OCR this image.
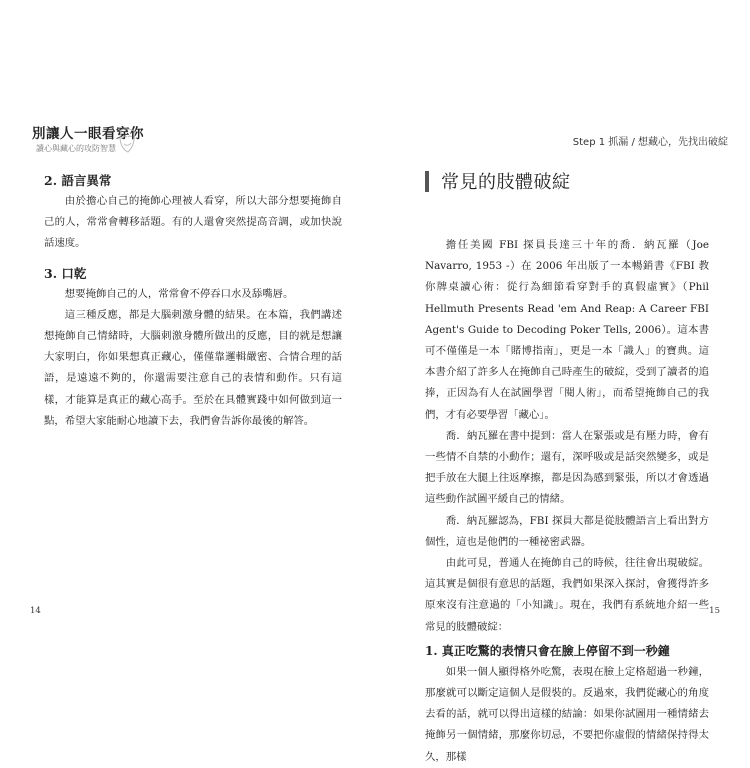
別讓人一眼看穿你
讀心與藏心的攻防智慧

2. 語言異常

由於擔心自己的掩飾心理被人看穿，所以大部分想要掩飾自己的人，常常會轉移話題。有的人還會突然提高音調，或加快說話速度。

3. 口乾

想要掩飾自己的人，常常會不停吞口水及舔嘴唇。

這三種反應，都是大腦刺激身體的結果。在本篇，我們講述想掩飾自己情緒時，大腦刺激身體所做出的反應，目的就是想讓大家明白，你如果想真正藏心，僅僅靠邏輯嚴密、合情合理的話語，是遠遠不夠的，你還需要注意自己的表情和動作。只有這樣，才能算是真正的藏心高手。至於在具體實踐中如何做到這一點，希望大家能耐心地讀下去，我們會告訴你最後的解答。

14
Step 1 抓漏 / 想藏心，先找出破綻
常見的肢體破綻

擔任美國 FBI 探員長達三十年的喬．納瓦羅（Joe Navarro, 1953 -）在 2006 年出版了一本暢銷書《FBI 教你牌桌讀心術：從行為細節看穿對手的真假虛實》（Phil Hellmuth Presents Read 'em And Reap: A Career FBI Agent's Guide to Decoding Poker Tells, 2006）。這本書可不僅僅是一本「賭博指南」，更是一本「識人」的寶典。這本書介紹了許多人在掩飾自己時產生的破綻，受到了讀者的追捧，正因為有人在試圖學習「閱人術」，而希望掩飾自己的我們，才有必要學習「藏心」。

喬．納瓦羅在書中提到：當人在緊張或是有壓力時，會有一些情不自禁的小動作；還有，深呼吸或是話突然變多，或是把手放在大腿上往返摩擦，都是因為感到緊張，所以才會透過這些動作試圖平緩自己的情緒。

喬．納瓦羅認為，FBI 探員大都是從肢體語言上看出對方個性，這也是他們的一種祕密武器。

由此可見，普通人在掩飾自己的時候，往往會出現破綻。這其實是個很有意思的話題，我們如果深入探討，會獲得許多原來沒有注意過的「小知識」。現在，我們有系統地介紹一些常見的肢體破綻：

1. 真正吃驚的表情只會在臉上停留不到一秒鐘

如果一個人顯得格外吃驚，表現在臉上定格超過一秒鐘，那麼就可以斷定這個人是假裝的。反過來，我們從藏心的角度去看的話，就可以得出這樣的結論：如果你試圖用一種情緒去掩飾另一個情緒，那麼你切忌，不要把你虛假的情緒保持得太久，那樣

15
